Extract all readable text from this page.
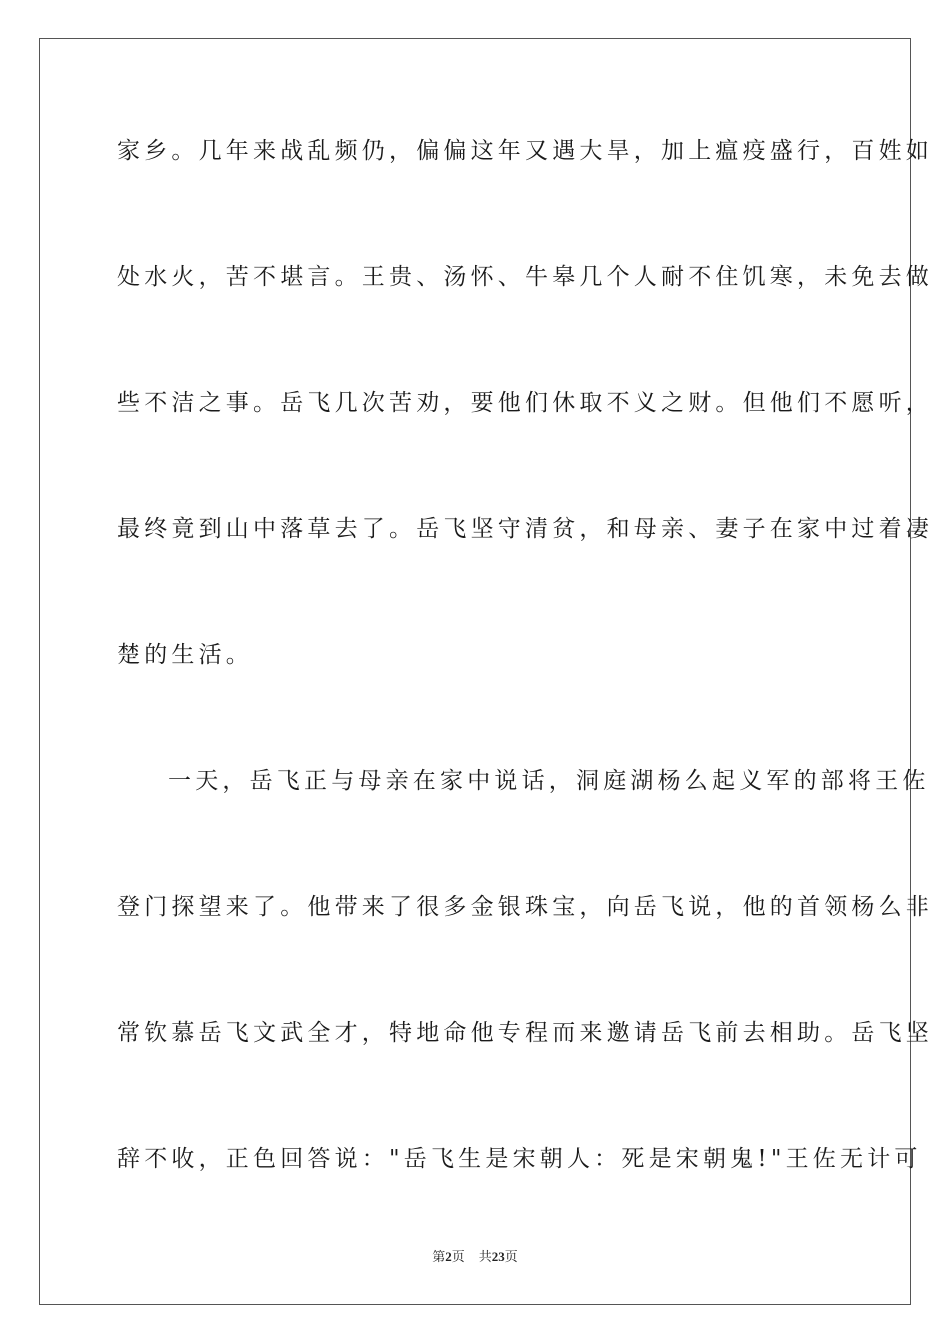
家乡。几年来战乱频仍，偏偏这年又遇大旱，加上瘟疫盛行，百姓如
处水火，苦不堪言。王贵、汤怀、牛皋几个人耐不住饥寒，未免去做
些不洁之事。岳飞几次苦劝，要他们休取不义之财。但他们不愿听，
最终竟到山中落草去了。岳飞坚守清贫，和母亲、妻子在家中过着凄
楚的生活。
一天，岳飞正与母亲在家中说话，洞庭湖杨么起义军的部将王佐
登门探望来了。他带来了很多金银珠宝，向岳飞说，他的首领杨么非
常钦慕岳飞文武全才，特地命他专程而来邀请岳飞前去相助。岳飞坚
辞不收，正色回答说："岳飞生是宋朝人：死是宋朝鬼!"王佐无计可
第2页 共23页
